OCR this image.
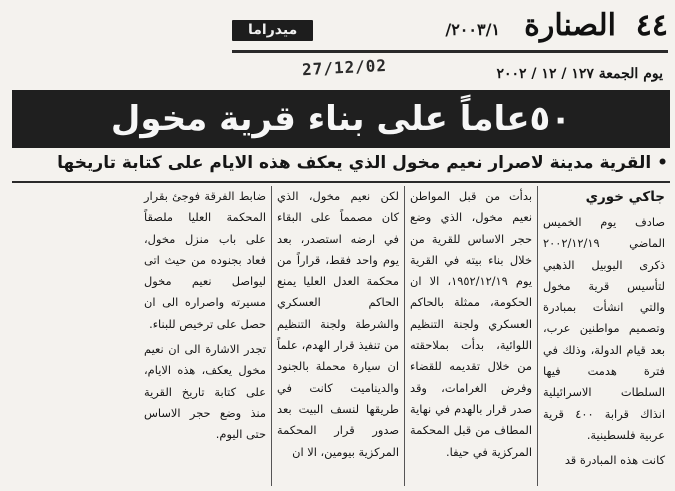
٤٤
الصنارة
٢٠٠٣/١/
ميدراما
27/12/02	يوم الجمعة ١٢٧ / ١٢ / ٢٠٠٢
٥٠عاماً على بناء قرية مخول
• القرية مدينة لاصرار نعيم مخول الذي يعكف هذه الايام على كتابة تاريخها
جاكي خوري

صادف يوم الخميس الماضي ٢٠٠٢/١٢/١٩ ذكرى اليوبيل الذهبي لتأسيس قرية مخول والتي انشأت بمبادرة وتصميم مواطنين عرب، بعد قيام الدولة، وذلك في فترة هدمت فيها السلطات الاسرائيلية انذاك قرابة ٤٠٠ قرية عربية فلسطينية.

كانت هذه المبادرة قد

بدأت من قبل المواطن نعيم مخول، الذي وضع حجر الاساس للقرية من خلال بناء بيته في القرية يوم ١٩٥٢/١٢/١٩، الا ان الحكومة، ممثلة بالحاكم العسكري ولجنة التنظيم اللوائية، بدأت بملاحقته من خلال تقديمه للقضاء وفرض الغرامات، وقد صدر قرار بالهدم في نهاية المطاف من قبل المحكمة المركزية في حيفا.

لكن نعيم مخول، الذي كان مصمماً على البقاء في ارضه استصدر، بعد يوم واحد فقط، قراراً من محكمة العدل العليا يمنع الحاكم العسكري والشرطة ولجنة التنظيم من تنفيذ قرار الهدم، علماً ان سيارة محملة بالجنود والديناميت كانت في طريقها لنسف البيت بعد صدور قرار المحكمة المركزية بيومين، الا ان

ضابط الفرقة فوجئ بقرار المحكمة العليا ملصقاً على باب منزل مخول، فعاد بجنوده من حيث اتى ليواصل نعيم مخول مسيرته واصراره الى ان حصل على ترخيص للبناء.

تجدر الاشارة الى ان نعيم مخول يعكف، هذه الايام، على كتابة تاريخ القرية منذ وضع حجر الاساس حتى اليوم.
